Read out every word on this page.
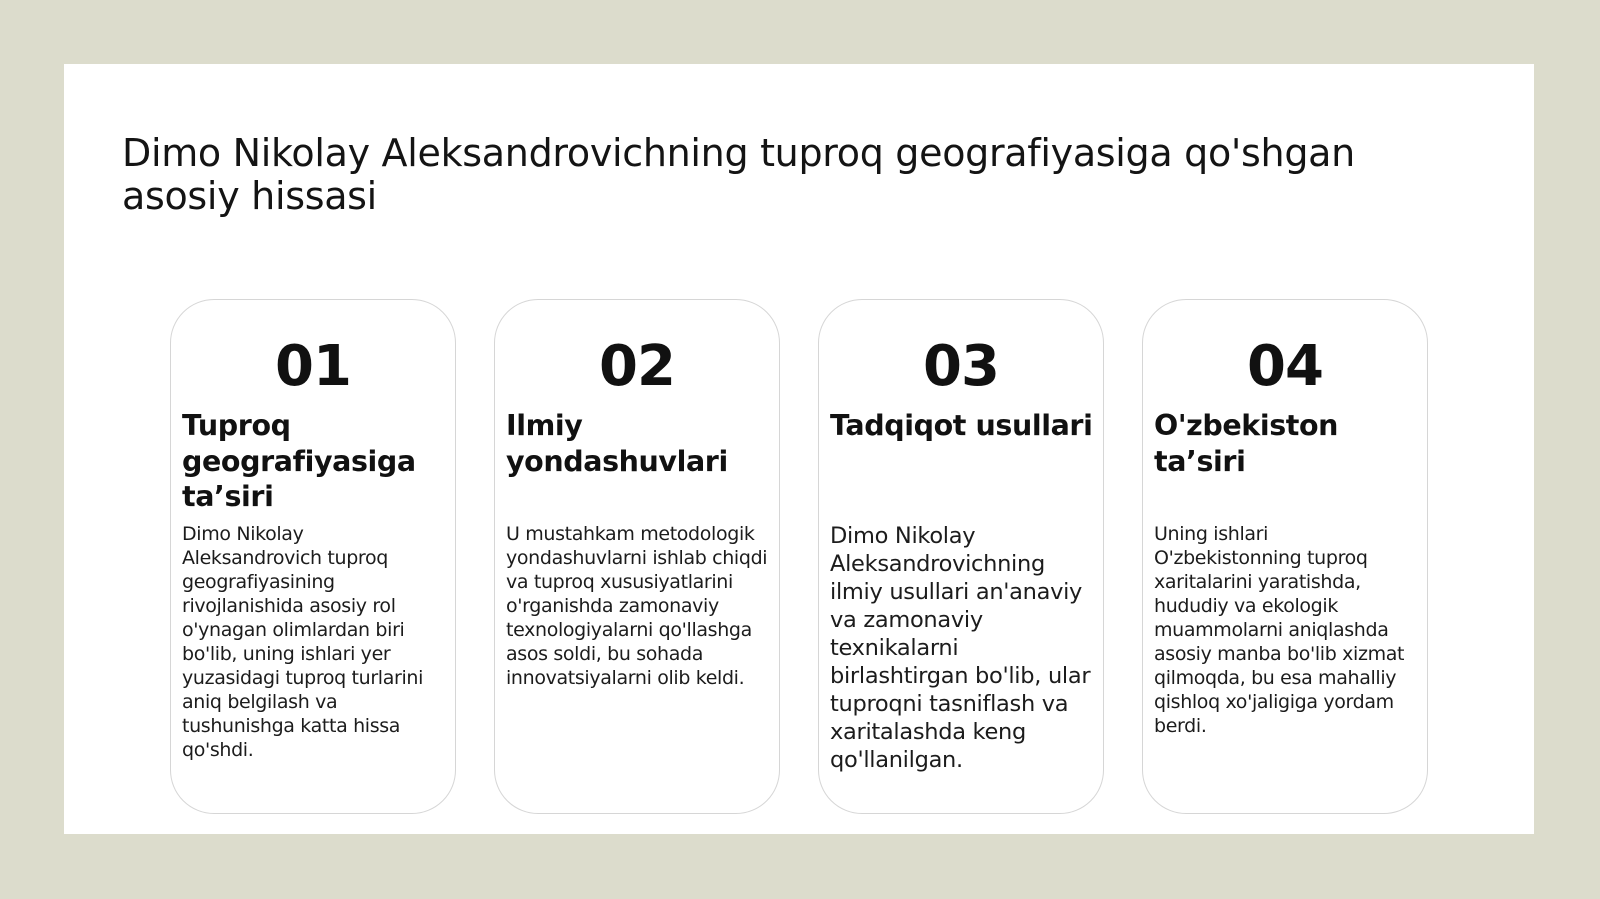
Dimo Nikolay Aleksandrovichning tuproq geografiyasiga qo'shgan asosiy hissasi
01
Tuproq geografiyasiga ta’siri

Dimo Nikolay Aleksandrovich tuproq geografiyasining rivojlanishida asosiy rol o'ynagan olimlardan biri bo'lib, uning ishlari yer yuzasidagi tuproq turlarini aniq belgilash va tushunishga katta hissa qo'shdi.

02
Ilmiy yondashuvlari

U mustahkam metodologik yondashuvlarni ishlab chiqdi va tuproq xususiyatlarini o'rganishda zamonaviy texnologiyalarni qo'llashga asos soldi, bu sohada innovatsiyalarni olib keldi.

03
Tadqiqot usullari

Dimo Nikolay Aleksandrovichning ilmiy usullari an'anaviy va zamonaviy texnikalarni birlashtirgan bo'lib, ular tuproqni tasniflash va xaritalashda keng qo'llanilgan.

04
O'zbekiston ta’siri

Uning ishlari O'zbekistonning tuproq xaritalarini yaratishda, hududiy va ekologik muammolarni aniqlashda asosiy manba bo'lib xizmat qilmoqda, bu esa mahalliy qishloq xo'jaligiga yordam berdi.
